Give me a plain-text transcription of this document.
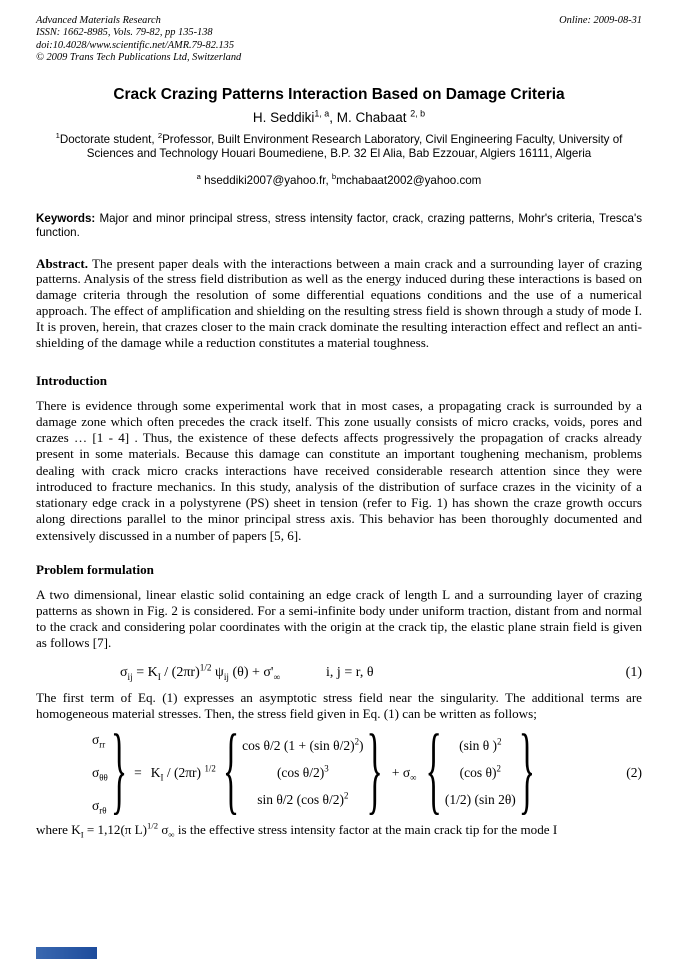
Advanced Materials Research
ISSN: 1662-8985, Vols. 79-82, pp 135-138
doi:10.4028/www.scientific.net/AMR.79-82.135
© 2009 Trans Tech Publications Ltd, Switzerland
Online: 2009-08-31
Crack Crazing Patterns Interaction Based on Damage Criteria
H. Seddiki$^{1, a}$, M. Chabaat $^{2, b}$
$^1$Doctorate student, $^2$Professor, Built Environment Research Laboratory, Civil Engineering Faculty, University of Sciences and Technology Houari Boumediene, B.P. 32 El Alia, Bab Ezzouar, Algiers 16111, Algeria
$^a$ hseddiki2007@yahoo.fr, $^b$mchabaat2002@yahoo.com

Keywords: Major and minor principal stress, stress intensity factor, crack, crazing patterns, Mohr's criteria, Tresca's function.

Abstract. The present paper deals with the interactions between a main crack and a surrounding layer of crazing patterns. Analysis of the stress field distribution as well as the energy induced during these interactions is based on damage criteria through the resolution of some differential equations conditions and the use of a numerical approach. The effect of amplification and shielding on the resulting stress field is shown through a study of mode I. It is proven, herein, that crazes closer to the main crack dominate the resulting interaction effect and reflect an anti-shielding of the damage while a reduction constitutes a material toughness.

Introduction

There is evidence through some experimental work that in most cases, a propagating crack is surrounded by a damage zone which often precedes the crack itself. This zone usually consists of micro cracks, voids, pores and crazes … [1 - 4] . Thus, the existence of these defects affects progressively the propagation of cracks already present in some materials. Because this damage can constitute an important toughening mechanism, problems dealing with crack micro cracks interactions have received considerable research attention since they were introduced to fracture mechanics. In this study, analysis of the distribution of surface crazes in the vicinity of a stationary edge crack in a polystyrene (PS) sheet in tension (refer to Fig. 1) has shown the craze growth occurs along directions parallel to the minor principal stress axis. This behavior has been thoroughly documented and extensively discussed in a number of papers [5, 6].

Problem formulation

A two dimensional, linear elastic solid containing an edge crack of length L and a surrounding layer of crazing patterns as shown in Fig. 2 is considered. For a semi-infinite body under uniform traction, distant from and normal to the crack and considering polar coordinates with the origin at the crack tip, the elastic plane strain field is given as follows [7].

$\sigma_{ij} = K_I / (2\pi r)^{1/2}$ $\psi_{ij}$ $(\theta) + \sigma'_\infty$	i, j = r, θ	(1)

The first term of Eq. (1) expresses an asymptotic stress field near the singularity. The additional terms are homogeneous material stresses. Then, the stress field given in Eq. (1) can be written as follows;

$\sigma_{rr}$
$\sigma_{\theta\theta}$
$\sigma_{r\theta}$ } = $K_I / (2\pi r)$ $^{1/2}$ { cos θ/2 (1 + (sin θ/2)$^2$)
(cos θ/2)$^3$
sin θ/2 (cos θ/2)$^2$ } + $\sigma_\infty$ { (sin θ )$^2$
(cos θ)$^2$
(1/2) (sin 2θ) }	(2)

where $K_I = 1,12(\pi$ L)$^{1/2}$ $\sigma_\infty$ is the effective stress intensity factor at the main crack tip for the mode I
